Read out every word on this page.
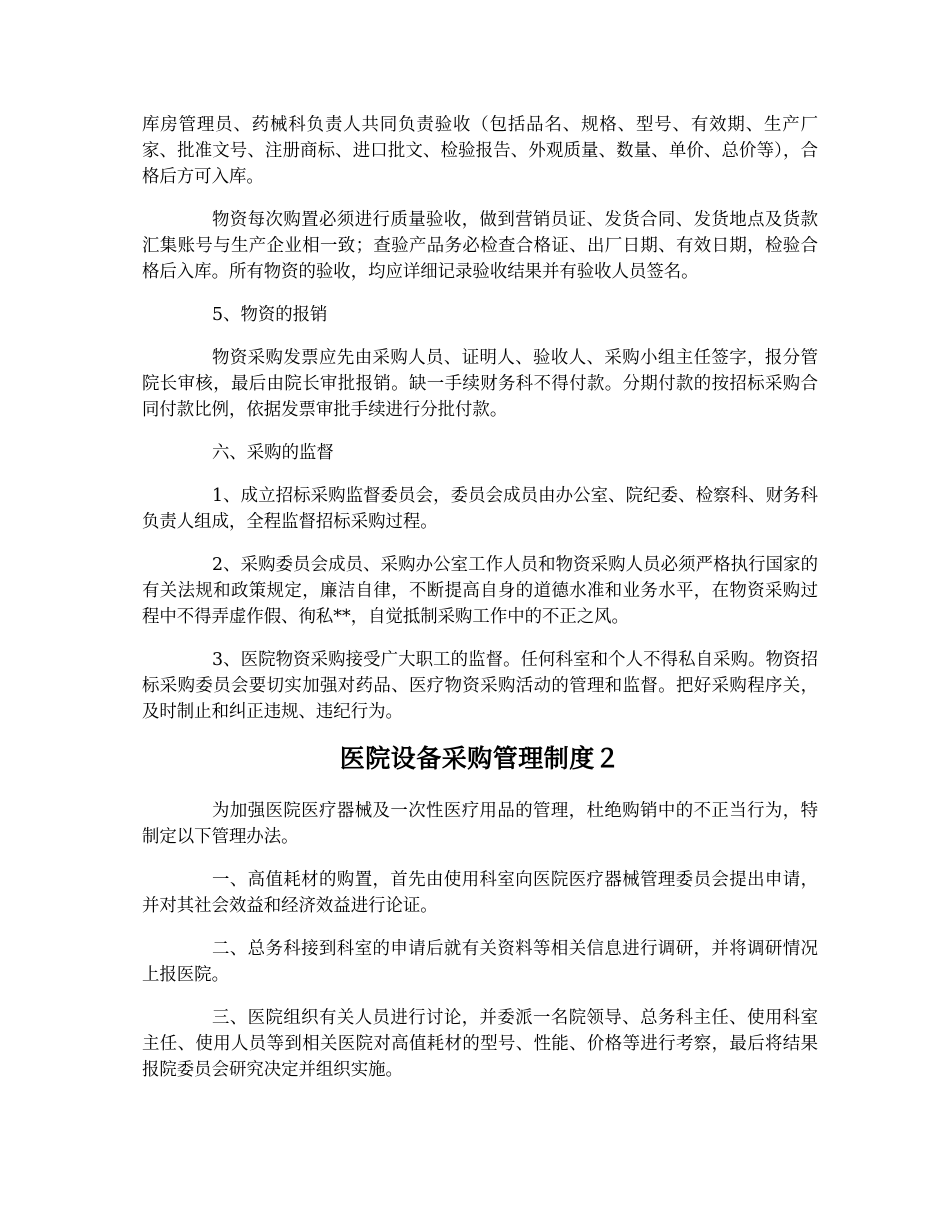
库房管理员、药械科负责人共同负责验收（包括品名、规格、型号、有效期、生产厂家、批准文号、注册商标、进口批文、检验报告、外观质量、数量、单价、总价等），合格后方可入库。

物资每次购置必须进行质量验收，做到营销员证、发货合同、发货地点及货款汇集账号与生产企业相一致；查验产品务必检查合格证、出厂日期、有效日期，检验合格后入库。所有物资的验收，均应详细记录验收结果并有验收人员签名。

5、物资的报销

物资采购发票应先由采购人员、证明人、验收人、采购小组主任签字，报分管院长审核，最后由院长审批报销。缺一手续财务科不得付款。分期付款的按招标采购合同付款比例，依据发票审批手续进行分批付款。

六、采购的监督

1、成立招标采购监督委员会，委员会成员由办公室、院纪委、检察科、财务科负责人组成，全程监督招标采购过程。

2、采购委员会成员、采购办公室工作人员和物资采购人员必须严格执行国家的有关法规和政策规定，廉洁自律，不断提高自身的道德水准和业务水平，在物资采购过程中不得弄虚作假、徇私**，自觉抵制采购工作中的不正之风。

3、医院物资采购接受广大职工的监督。任何科室和个人不得私自采购。物资招标采购委员会要切实加强对药品、医疗物资采购活动的管理和监督。把好采购程序关，及时制止和纠正违规、违纪行为。

医院设备采购管理制度２

为加强医院医疗器械及一次性医疗用品的管理，杜绝购销中的不正当行为，特制定以下管理办法。

一、高值耗材的购置，首先由使用科室向医院医疗器械管理委员会提出申请，并对其社会效益和经济效益进行论证。

二、总务科接到科室的申请后就有关资料等相关信息进行调研，并将调研情况上报医院。

三、医院组织有关人员进行讨论，并委派一名院领导、总务科主任、使用科室主任、使用人员等到相关医院对高值耗材的型号、性能、价格等进行考察，最后将结果报院委员会研究决定并组织实施。
